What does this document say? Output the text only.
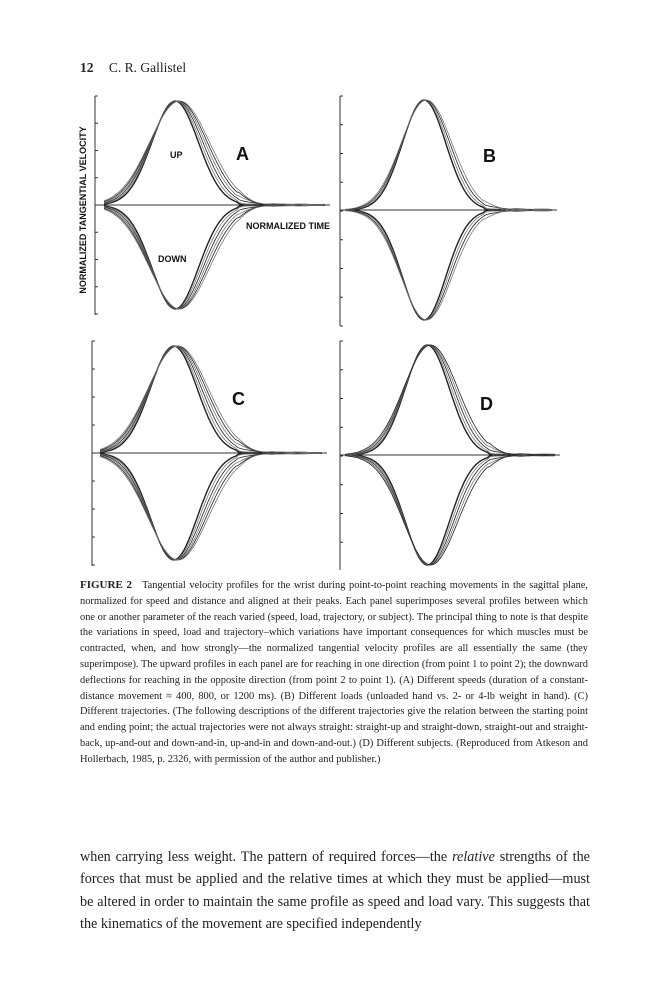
12 C. R. Gallistel
NORMALIZED TANGENTIAL VELOCITY	UP
DOWN
NORMALIZED TIME
A	B
C	D
FIGURE 2 Tangential velocity profiles for the wrist during point-to-point reaching movements in the sagittal plane, normalized for speed and distance and aligned at their peaks. Each panel superimposes several profiles between which one or another parameter of the reach varied (speed, load, trajectory, or subject). The principal thing to note is that despite the variations in speed, load and trajectory–which variations have important consequences for which muscles must be contracted, when, and how strongly—the normalized tangential velocity profiles are all essentially the same (they superimpose). The upward profiles in each panel are for reaching in one direction (from point 1 to point 2); the downward deflections for reaching in the opposite direction (from point 2 to point 1). (A) Different speeds (duration of a constant-distance movement ≈ 400, 800, or 1200 ms). (B) Different loads (unloaded hand vs. 2- or 4-lb weight in hand). (C) Different trajectories. (The following descriptions of the different trajectories give the relation between the starting point and ending point; the actual trajectories were not always straight: straight-up and straight-down, straight-out and straight-back, up-and-out and down-and-in, up-and-in and down-and-out.) (D) Different subjects. (Reproduced from Atkeson and Hollerbach, 1985, p. 2326, with permission of the author and publisher.)
when carrying less weight. The pattern of required forces—the relative strengths of the forces that must be applied and the relative times at which they must be applied—must be altered in order to maintain the same profile as speed and load vary. This suggests that the kinematics of the movement are specified independently
